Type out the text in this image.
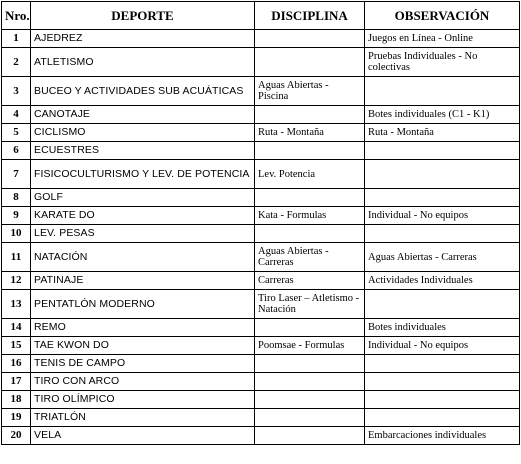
Nro.	DEPORTE	DISCIPLINA	OBSERVACIÓN
1	AJEDREZ		Juegos en Línea - Online
2	ATLETISMO		Pruebas Individuales - No colectivas
3	BUCEO Y ACTIVIDADES SUB ACUÁTICAS	Aguas Abiertas - Piscina	
4	CANOTAJE		Botes individuales (C1 - K1)
5	CICLISMO	Ruta - Montaña	Ruta - Montaña
6	ECUESTRES		
7	FISICOCULTURISMO Y LEV. DE POTENCIA	Lev. Potencia	
8	GOLF		
9	KARATE DO	Kata - Formulas	Individual - No equipos
10	LEV. PESAS		
11	NATACIÓN	Aguas Abiertas - Carreras	Aguas Abiertas - Carreras
12	PATINAJE	Carreras	Actividades Individuales
13	PENTATLÓN MODERNO	Tiro Laser – Atletismo - Natación	
14	REMO		Botes individuales
15	TAE KWON DO	Poomsae - Formulas	Individual - No equipos
16	TENIS DE CAMPO		
17	TIRO CON ARCO		
18	TIRO OLÍMPICO		
19	TRIATLÓN		
20	VELA		Embarcaciones individuales
